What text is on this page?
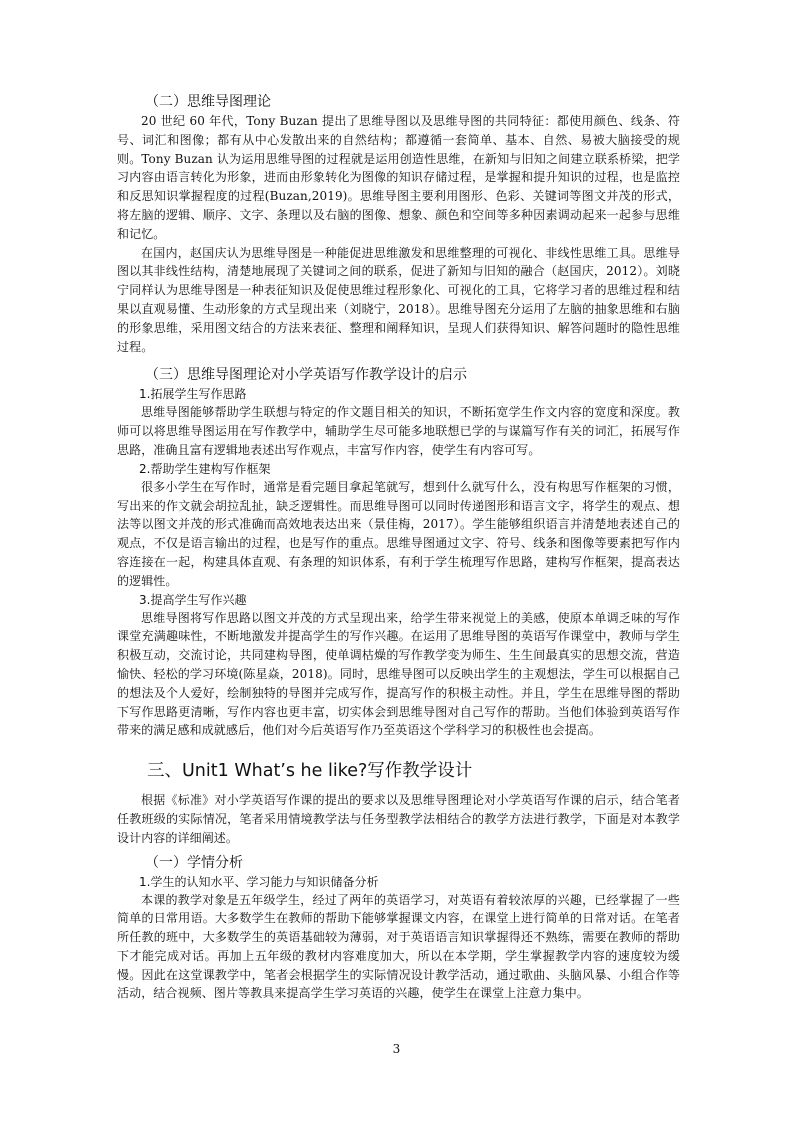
（二）思维导图理论

20 世纪 60 年代，Tony Buzan 提出了思维导图以及思维导图的共同特征：都使用颜色、线条、符号、词汇和图像；都有从中心发散出来的自然结构；都遵循一套简单、基本、自然、易被大脑接受的规则。Tony Buzan 认为运用思维导图的过程就是运用创造性思维，在新知与旧知之间建立联系桥梁，把学习内容由语言转化为形象，进而由形象转化为图像的知识存储过程，是掌握和提升知识的过程，也是监控和反思知识掌握程度的过程(Buzan,2019)。思维导图主要利用图形、色彩、关键词等图文并茂的形式，将左脑的逻辑、顺序、文字、条理以及右脑的图像、想象、颜色和空间等多种因素调动起来一起参与思维和记忆。

在国内，赵国庆认为思维导图是一种能促进思维激发和思维整理的可视化、非线性思维工具。思维导图以其非线性结构，清楚地展现了关键词之间的联系，促进了新知与旧知的融合（赵国庆，2012）。刘晓宁同样认为思维导图是一种表征知识及促使思维过程形象化、可视化的工具，它将学习者的思维过程和结果以直观易懂、生动形象的方式呈现出来（刘晓宁，2018）。思维导图充分运用了左脑的抽象思维和右脑的形象思维，采用图文结合的方法来表征、整理和阐释知识，呈现人们获得知识、解答问题时的隐性思维过程。

（三）思维导图理论对小学英语写作教学设计的启示
1.拓展学生写作思路

思维导图能够帮助学生联想与特定的作文题目相关的知识，不断拓宽学生作文内容的宽度和深度。教师可以将思维导图运用在写作教学中，辅助学生尽可能多地联想已学的与谋篇写作有关的词汇，拓展写作思路，准确且富有逻辑地表述出写作观点，丰富写作内容，使学生有内容可写。

2.帮助学生建构写作框架

很多小学生在写作时，通常是看完题目拿起笔就写，想到什么就写什么，没有构思写作框架的习惯，写出来的作文就会胡拉乱扯，缺乏逻辑性。而思维导图可以同时传递图形和语言文字，将学生的观点、想法等以图文并茂的形式准确而高效地表达出来（景佳梅，2017）。学生能够组织语言并清楚地表述自己的观点，不仅是语言输出的过程，也是写作的重点。思维导图通过文字、符号、线条和图像等要素把写作内容连接在一起，构建具体直观、有条理的知识体系，有利于学生梳理写作思路，建构写作框架，提高表达的逻辑性。

3.提高学生写作兴趣

思维导图将写作思路以图文并茂的方式呈现出来，给学生带来视觉上的美感，使原本单调乏味的写作课堂充满趣味性，不断地激发并提高学生的写作兴趣。在运用了思维导图的英语写作课堂中，教师与学生积极互动，交流讨论，共同建构导图，使单调枯燥的写作教学变为师生、生生间最真实的思想交流，营造愉快、轻松的学习环境(陈星焱，2018)。同时，思维导图可以反映出学生的主观想法，学生可以根据自己的想法及个人爱好，绘制独特的导图并完成写作，提高写作的积极主动性。并且，学生在思维导图的帮助下写作思路更清晰，写作内容也更丰富，切实体会到思维导图对自己写作的帮助。当他们体验到英语写作带来的满足感和成就感后，他们对今后英语写作乃至英语这个学科学习的积极性也会提高。

三、Unit1 What’s he like?写作教学设计

根据《标准》对小学英语写作课的提出的要求以及思维导图理论对小学英语写作课的启示，结合笔者任教班级的实际情况，笔者采用情境教学法与任务型教学法相结合的教学方法进行教学，下面是对本教学设计内容的详细阐述。

（一）学情分析
1.学生的认知水平、学习能力与知识储备分析

本课的教学对象是五年级学生，经过了两年的英语学习，对英语有着较浓厚的兴趣，已经掌握了一些简单的日常用语。大多数学生在教师的帮助下能够掌握课文内容，在课堂上进行简单的日常对话。在笔者所任教的班中，大多数学生的英语基础较为薄弱，对于英语语言知识掌握得还不熟练，需要在教师的帮助下才能完成对话。再加上五年级的教材内容难度加大，所以在本学期，学生掌握教学内容的速度较为缓慢。因此在这堂课教学中，笔者会根据学生的实际情况设计教学活动，通过歌曲、头脑风暴、小组合作等活动，结合视频、图片等教具来提高学生学习英语的兴趣，使学生在课堂上注意力集中。

3
